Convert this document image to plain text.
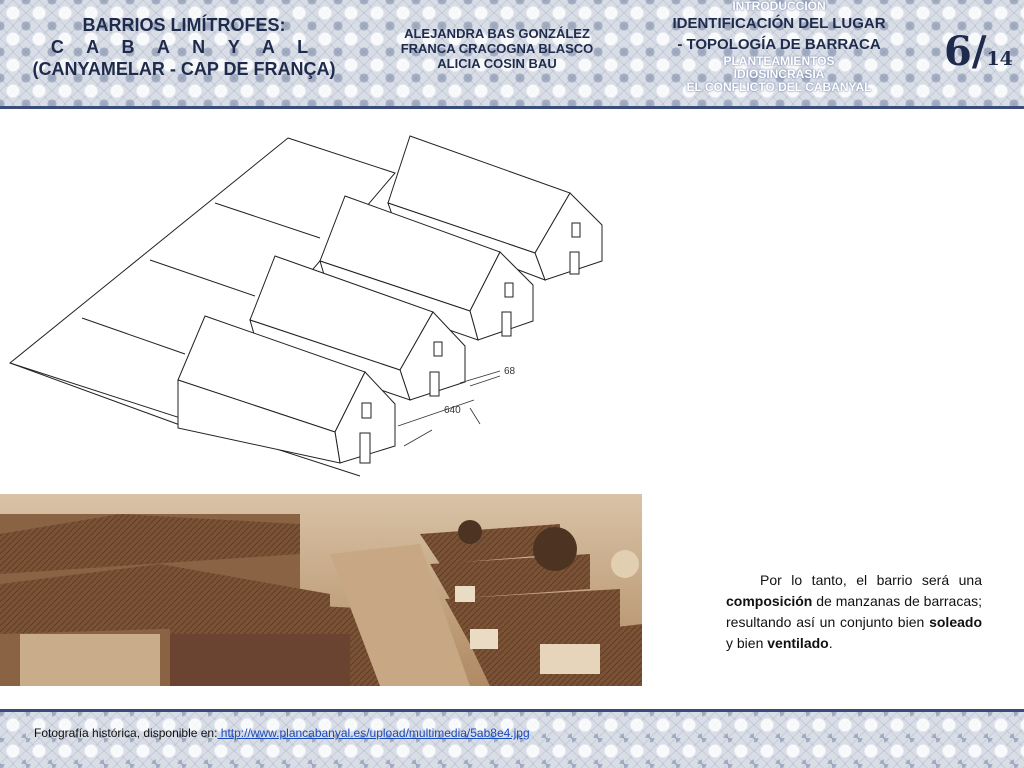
BARRIOS LIMÍTROFES:
C A B A N Y A L
(CANYAMELAR - CAP DE FRANÇA)
ALEJANDRA BAS GONZÁLEZ
FRANCA CRACOGNA BLASCO
ALICIA COSIN BAU
INTRODUCCIÓN
IDENTIFICACIÓN DEL LUGAR
- TOPOLOGÍA DE BARRACA
PLANTEAMIENTOS
IDIOSINCRASIA
EL CONFLICTO DEL CABANYAL
6/14
68
640
Por lo tanto, el barrio será una composición de manzanas de barracas; resultando así un conjunto bien soleado y bien ventilado.
Fotografía histórica, disponible en: http://www.plancabanyal.es/upload/multimedia/5ab8e4.jpg
